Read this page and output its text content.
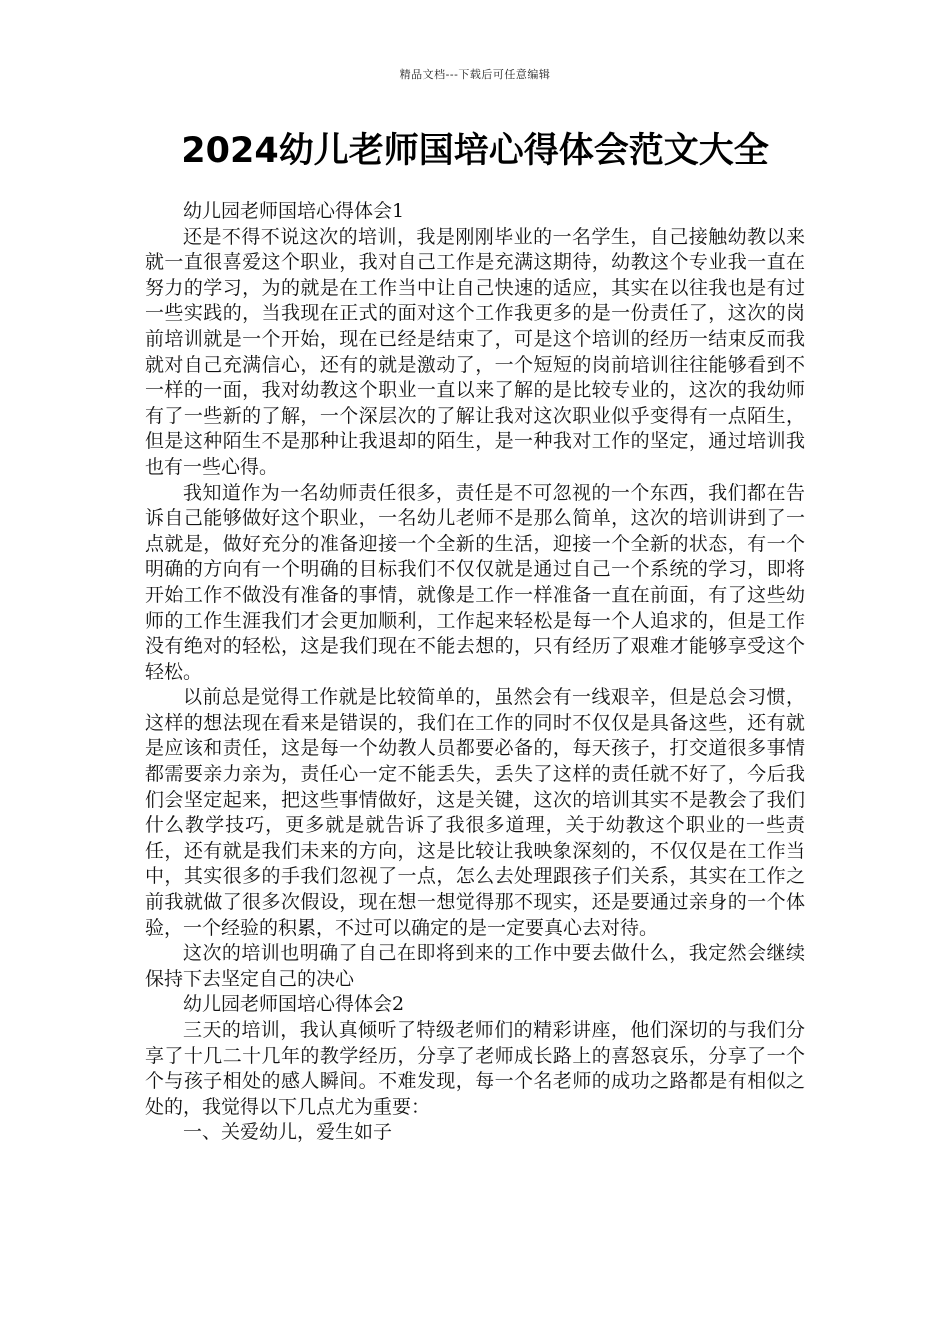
精品文档---下载后可任意编辑
2024幼儿老师国培心得体会范文大全

幼儿园老师国培心得体会1

还是不得不说这次的培训，我是刚刚毕业的一名学生，自己接触幼教以来就一直很喜爱这个职业，我对自己工作是充满这期待，幼教这个专业我一直在努力的学习，为的就是在工作当中让自己快速的适应，其实在以往我也是有过一些实践的，当我现在正式的面对这个工作我更多的是一份责任了，这次的岗前培训就是一个开始，现在已经是结束了，可是这个培训的经历一结束反而我就对自己充满信心，还有的就是激动了，一个短短的岗前培训往往能够看到不一样的一面，我对幼教这个职业一直以来了解的是比较专业的，这次的我幼师有了一些新的了解，一个深层次的了解让我对这次职业似乎变得有一点陌生，但是这种陌生不是那种让我退却的陌生，是一种我对工作的坚定，通过培训我也有一些心得。

我知道作为一名幼师责任很多，责任是不可忽视的一个东西，我们都在告诉自己能够做好这个职业，一名幼儿老师不是那么简单，这次的培训讲到了一点就是，做好充分的准备迎接一个全新的生活，迎接一个全新的状态，有一个明确的方向有一个明确的目标我们不仅仅就是通过自己一个系统的学习，即将开始工作不做没有准备的事情，就像是工作一样准备一直在前面，有了这些幼师的工作生涯我们才会更加顺利，工作起来轻松是每一个人追求的，但是工作没有绝对的轻松，这是我们现在不能去想的，只有经历了艰难才能够享受这个轻松。

以前总是觉得工作就是比较简单的，虽然会有一线艰辛，但是总会习惯，这样的想法现在看来是错误的，我们在工作的同时不仅仅是具备这些，还有就是应该和责任，这是每一个幼教人员都要必备的，每天孩子，打交道很多事情都需要亲力亲为，责任心一定不能丢失，丢失了这样的责任就不好了，今后我们会坚定起来，把这些事情做好，这是关键，这次的培训其实不是教会了我们什么教学技巧，更多就是就告诉了我很多道理，关于幼教这个职业的一些责任，还有就是我们未来的方向，这是比较让我映象深刻的，不仅仅是在工作当中，其实很多的手我们忽视了一点，怎么去处理跟孩子们关系，其实在工作之前我就做了很多次假设，现在想一想觉得那不现实，还是要通过亲身的一个体验，一个经验的积累，不过可以确定的是一定要真心去对待。

这次的培训也明确了自己在即将到来的工作中要去做什么，我定然会继续保持下去坚定自己的决心

幼儿园老师国培心得体会2

三天的培训，我认真倾听了特级老师们的精彩讲座，他们深切的与我们分享了十几二十几年的教学经历，分享了老师成长路上的喜怒哀乐，分享了一个个与孩子相处的感人瞬间。不难发现，每一个名老师的成功之路都是有相似之处的，我觉得以下几点尤为重要：

一、关爱幼儿，爱生如子
